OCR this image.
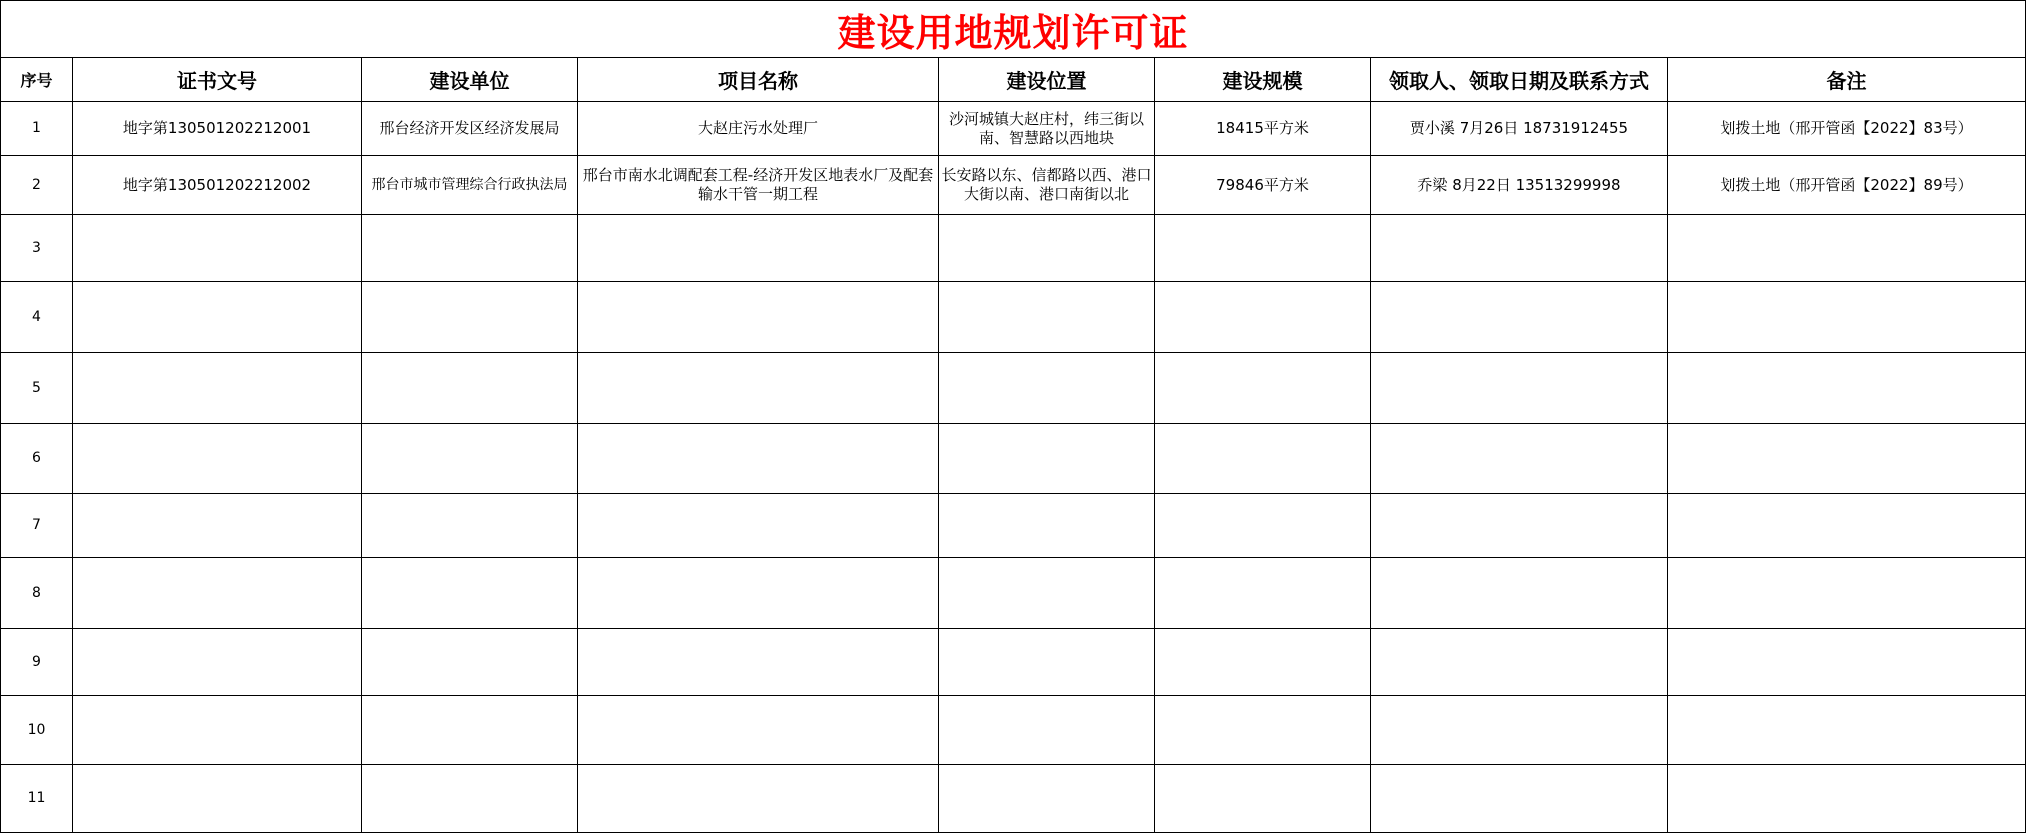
建设用地规划许可证							
序号	证书文号	建设单位	项目名称	建设位置	建设规模	领取人、领取日期及联系方式	备注
1	地字第130501202212001	邢台经济开发区经济发展局	大赵庄污水处理厂	沙河城镇大赵庄村，纬三街以南、智慧路以西地块	18415平方米	贾小溪 7月26日 18731912455	划拨土地（邢开管函【2022】83号）
2	地字第130501202212002	邢台市城市管理综合行政执法局	邢台市南水北调配套工程-经济开发区地表水厂及配套输水干管一期工程	长安路以东、信都路以西、港口大街以南、港口南街以北	79846平方米	乔梁 8月22日 13513299998	划拨土地（邢开管函【2022】89号）
3							
4							
5							
6							
7							
8							
9							
10							
11							
